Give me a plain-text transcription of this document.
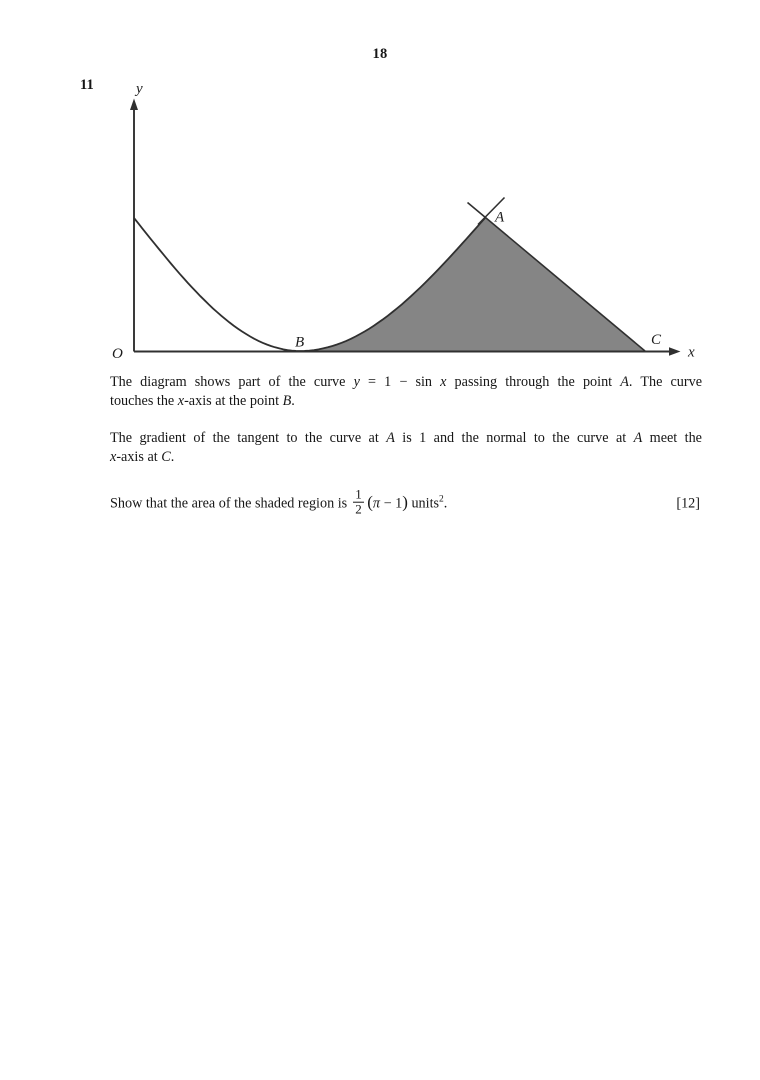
18
11	y
x
O
A
B	C
The diagram shows part of the curve y = 1 − sin x passing through the point A. The curve
touches the x-axis at the point B.
The gradient of the tangent to the curve at A is 1 and the normal to the curve at A meet the
x-axis at C.
Show that the area of the shaded region is $\frac{1}{2} (\pi - 1)$ units$^2$.	[12]
